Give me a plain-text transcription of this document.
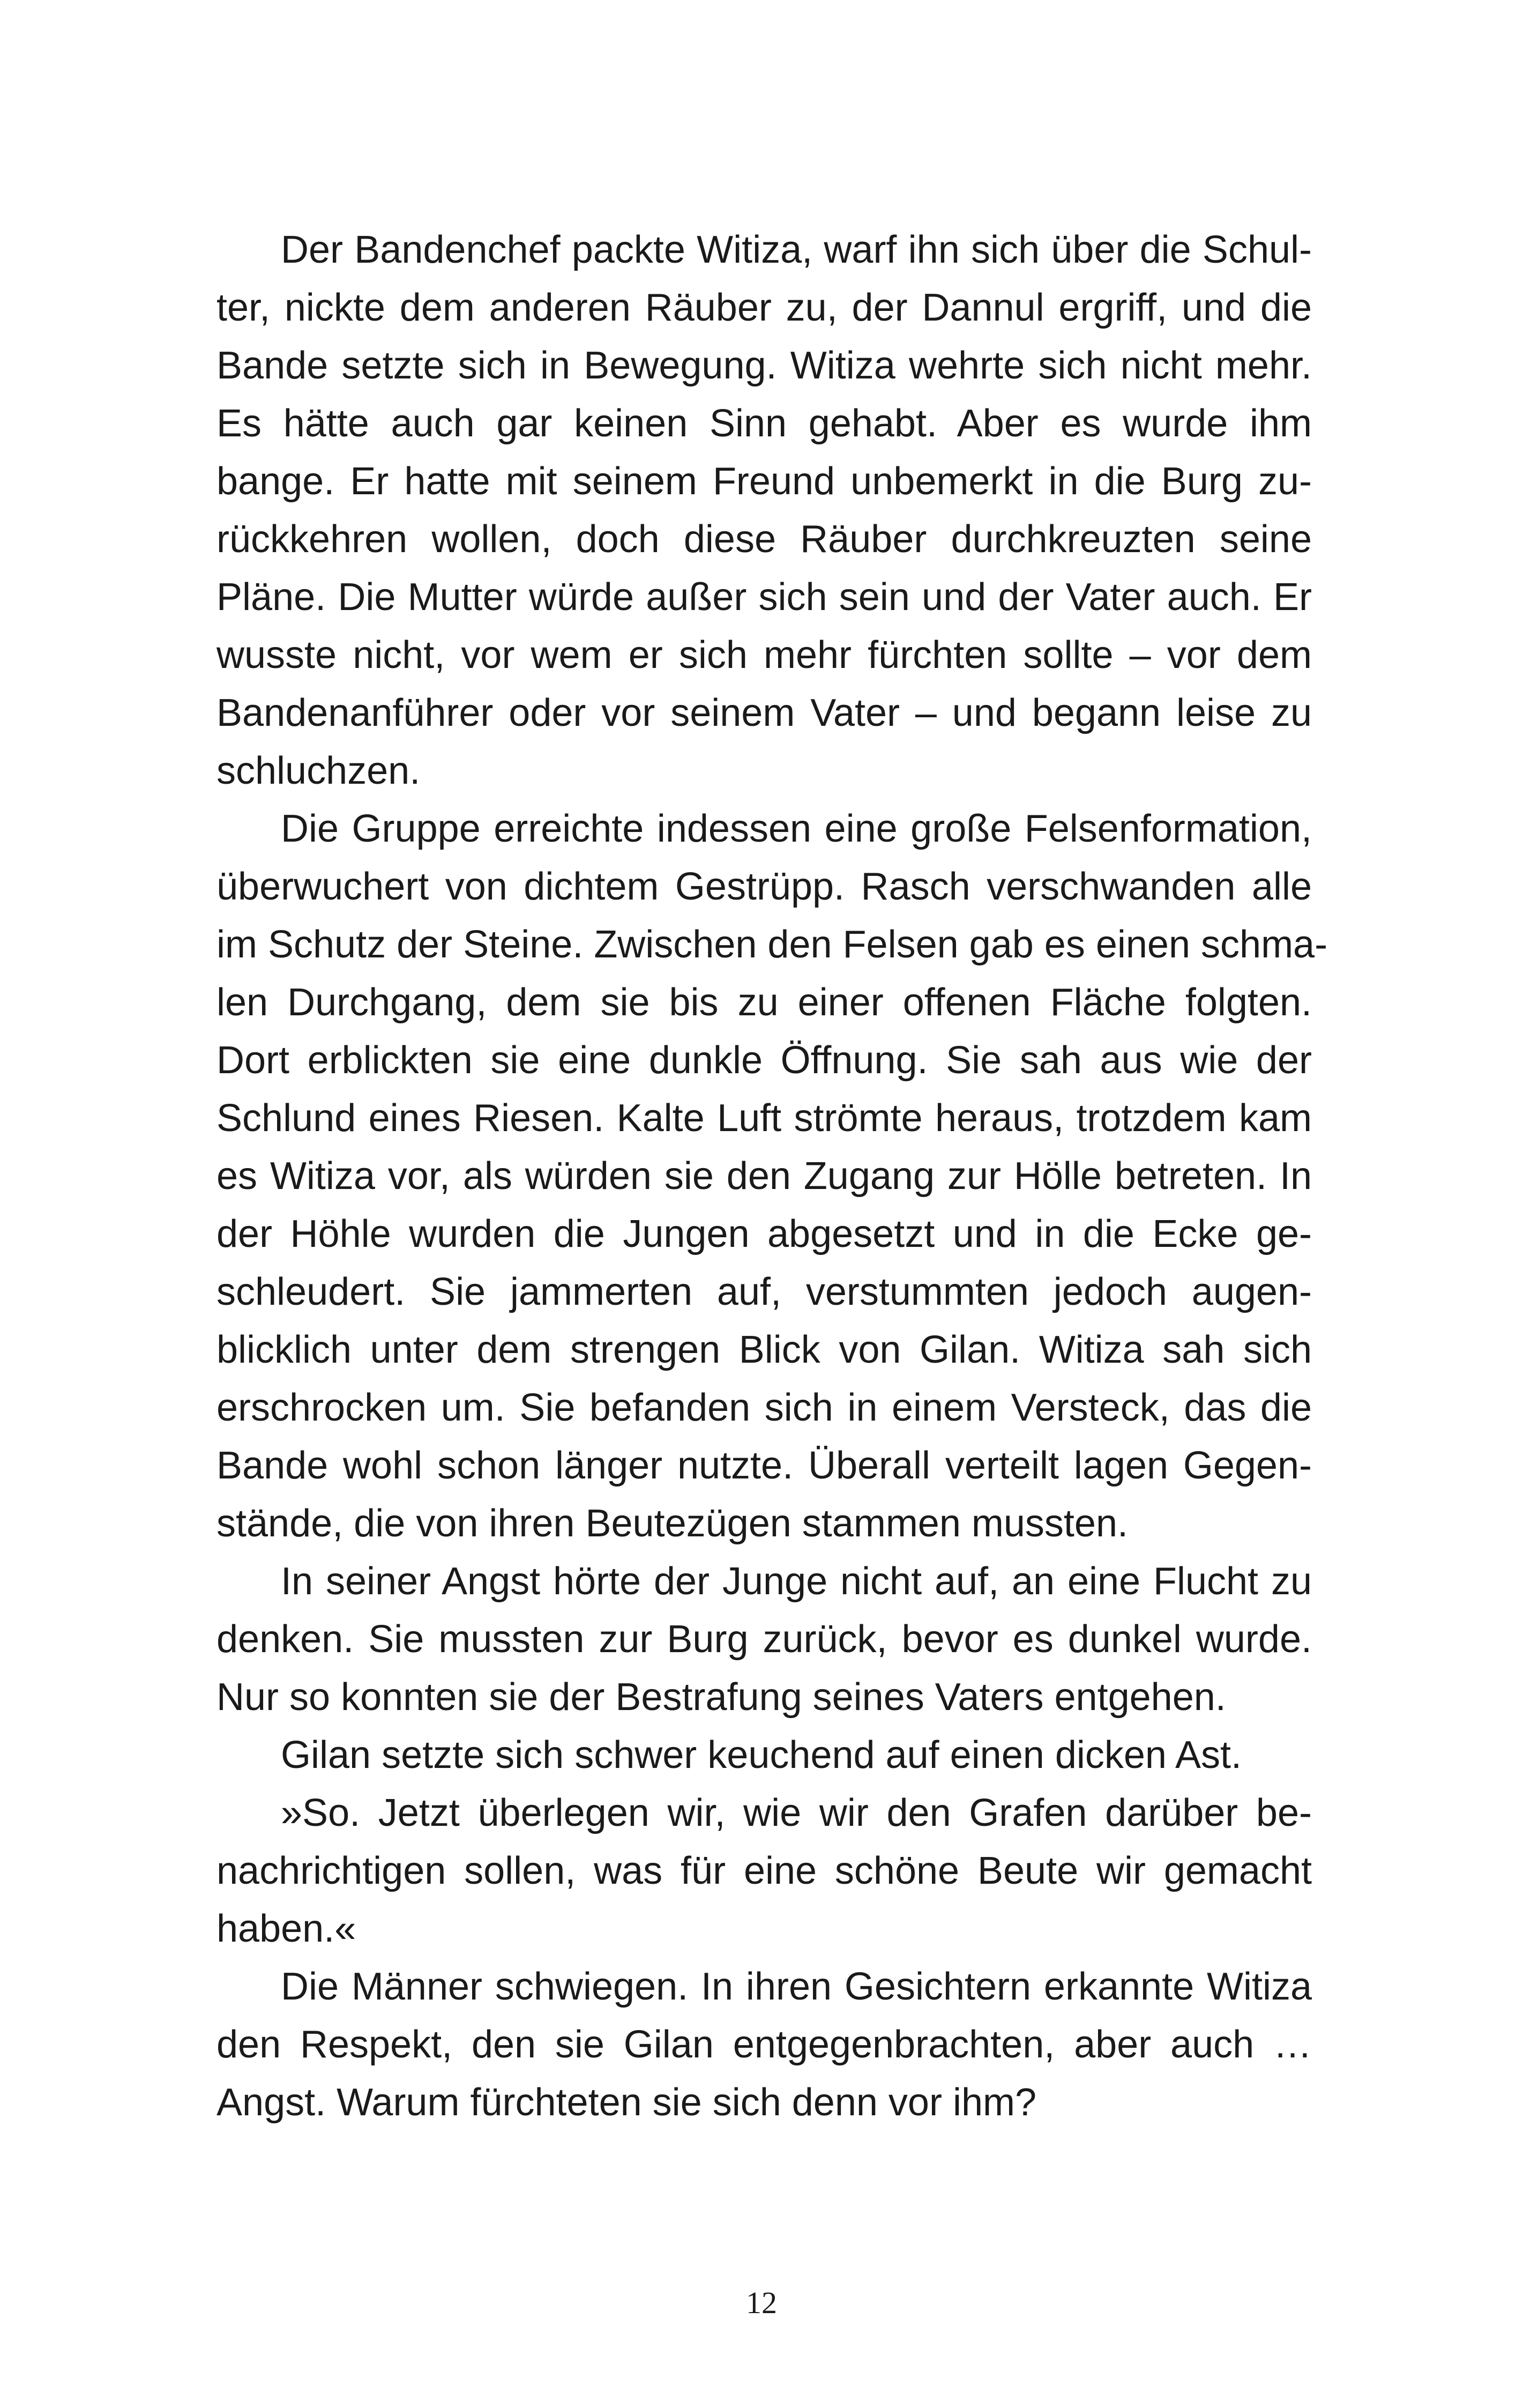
Der Bandenchef packte Witiza, warf ihn sich über die Schul-
ter, nickte dem anderen Räuber zu, der Dannul ergriff, und die
Bande setzte sich in Bewegung. Witiza wehrte sich nicht mehr.
Es hätte auch gar keinen Sinn gehabt. Aber es wurde ihm
bange. Er hatte mit seinem Freund unbemerkt in die Burg zu-
rückkehren wollen, doch diese Räuber durchkreuzten seine
Pläne. Die Mutter würde außer sich sein und der Vater auch. Er
wusste nicht, vor wem er sich mehr fürchten sollte – vor dem
Bandenanführer oder vor seinem Vater – und begann leise zu
schluchzen.
Die Gruppe erreichte indessen eine große Felsenformation,
überwuchert von dichtem Gestrüpp. Rasch verschwanden alle
im Schutz der Steine. Zwischen den Felsen gab es einen schma-
len Durchgang, dem sie bis zu einer offenen Fläche folgten.
Dort erblickten sie eine dunkle Öffnung. Sie sah aus wie der
Schlund eines Riesen. Kalte Luft strömte heraus, trotzdem kam
es Witiza vor, als würden sie den Zugang zur Hölle betreten. In
der Höhle wurden die Jungen abgesetzt und in die Ecke ge-
schleudert. Sie jammerten auf, verstummten jedoch augen-
blicklich unter dem strengen Blick von Gilan. Witiza sah sich
erschrocken um. Sie befanden sich in einem Versteck, das die
Bande wohl schon länger nutzte. Überall verteilt lagen Gegen-
stände, die von ihren Beutezügen stammen mussten.
In seiner Angst hörte der Junge nicht auf, an eine Flucht zu
denken. Sie mussten zur Burg zurück, bevor es dunkel wurde.
Nur so konnten sie der Bestrafung seines Vaters entgehen.
Gilan setzte sich schwer keuchend auf einen dicken Ast.
»So. Jetzt überlegen wir, wie wir den Grafen darüber be-
nachrichtigen sollen, was für eine schöne Beute wir gemacht
haben.«
Die Männer schwiegen. In ihren Gesichtern erkannte Witiza
den Respekt, den sie Gilan entgegenbrachten, aber auch …
Angst. Warum fürchteten sie sich denn vor ihm?
12
